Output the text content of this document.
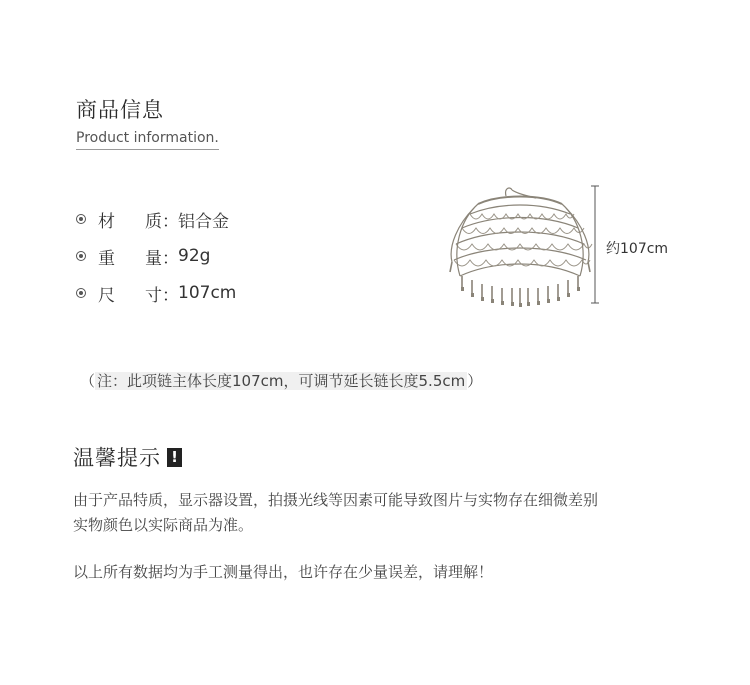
商品信息
Product information.
材 质 ： 铝合金
重 量 ： 92g
尺 寸 ： 107cm
约107cm
（ 注：此项链主体长度107cm，可调节延长链长度5.5cm ）
温馨提示 !
由于产品特质，显示器设置，拍摄光线等因素可能导致图片与实物存在细微差别
实物颜色以实际商品为准。
以上所有数据均为手工测量得出，也许存在少量误差，请理解！
